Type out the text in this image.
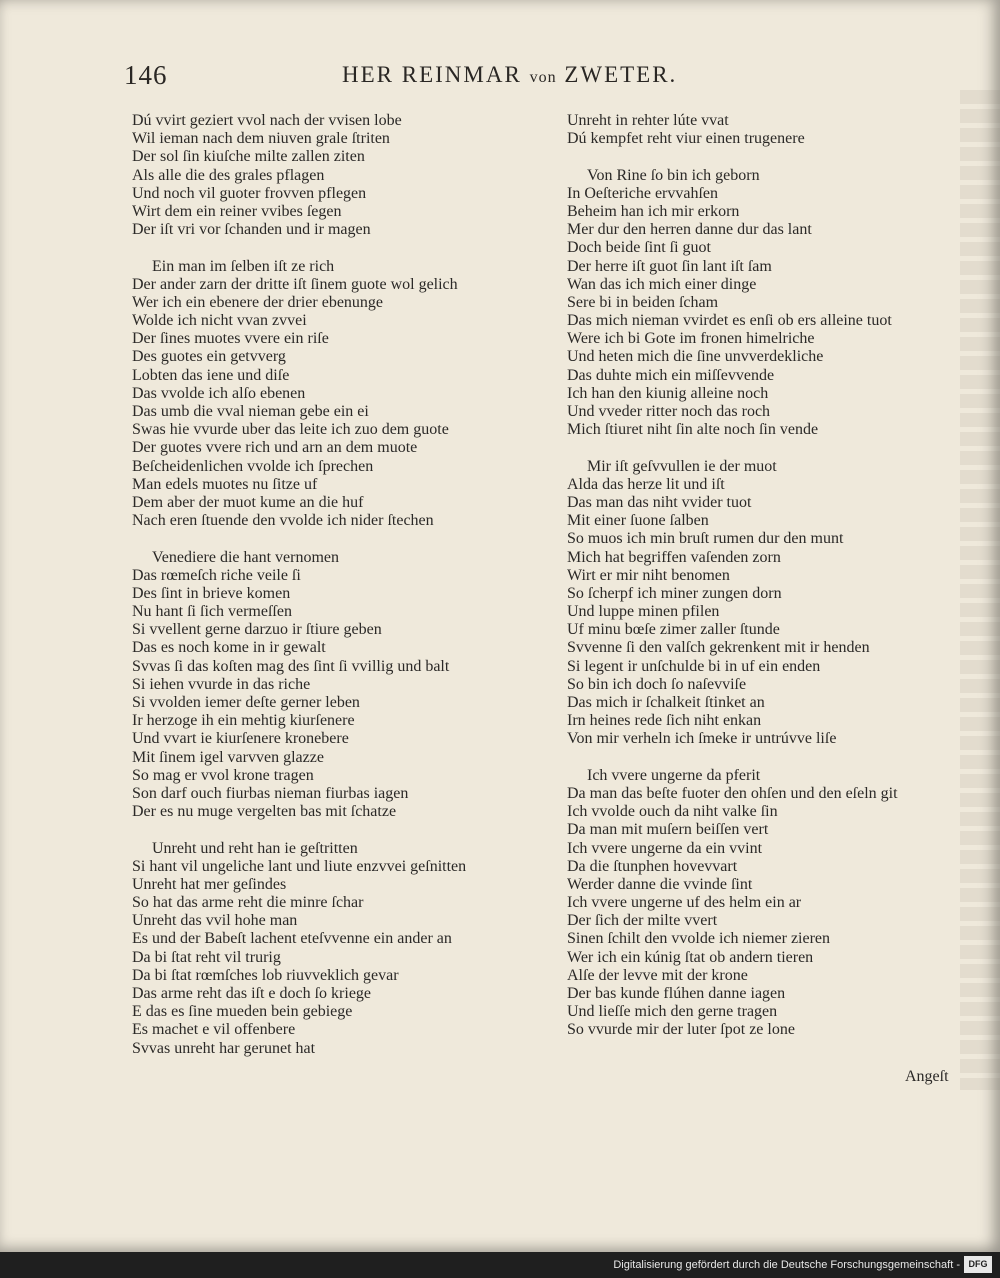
146	HER REINMAR von ZWETER.
Dú vvirt geziert vvol nach der vvisen lobe
Wil ieman nach dem niuven grale ſtriten
Der sol ſin kiuſche milte zallen ziten
Als alle die des grales pflagen
Und noch vil guoter frovven pflegen
Wirt dem ein reiner vvibes ſegen
Der iſt vri vor ſchanden und ir magen
Ein man im ſelben iſt ze rich
Der ander zarn der dritte iſt ſinem guote wol gelich
Wer ich ein ebenere der drier ebenunge
Wolde ich nicht vvan zvvei
Der ſines muotes vvere ein riſe
Des guotes ein getvverg
Lobten das iene und diſe
Das vvolde ich alſo ebenen
Das umb die vval nieman gebe ein ei
Swas hie vvurde uber das leite ich zuo dem guote
Der guotes vvere rich und arn an dem muote
Beſcheidenlichen vvolde ich ſprechen
Man edels muotes nu ſitze uf
Dem aber der muot kume an die huf
Nach eren ſtuende den vvolde ich nider ſtechen
Venediere die hant vernomen
Das rœmeſch riche veile ſi
Des ſint in brieve komen
Nu hant ſi ſich vermeſſen
Si vvellent gerne darzuo ir ſtiure geben
Das es noch kome in ir gewalt
Svvas ſi das koſten mag des ſint ſi vvillig und balt
Si iehen vvurde in das riche
Si vvolden iemer deſte gerner leben
Ir herzoge ih ein mehtig kiurſenere
Und vvart ie kiurſenere kronebere
Mit ſinem igel varvven glazze
So mag er vvol krone tragen
Son darf ouch fiurbas nieman fiurbas iagen
Der es nu muge vergelten bas mit ſchatze
Unreht und reht han ie geſtritten
Si hant vil ungeliche lant und liute enzvvei geſnitten
Unreht hat mer geſindes
So hat das arme reht die minre ſchar
Unreht das vvil hohe man
Es und der Babeſt lachent eteſvvenne ein ander an
Da bi ſtat reht vil trurig
Da bi ſtat rœmſches lob riuvveklich gevar
Das arme reht das iſt e doch ſo kriege
E das es ſine mueden bein gebiege
Es machet e vil offenbere
Svvas unreht har gerunet hat
Unreht in rehter lúte vvat
Dú kempfet reht viur einen trugenere
Von Rine ſo bin ich geborn
In Oeſteriche ervvahſen
Beheim han ich mir erkorn
Mer dur den herren danne dur das lant
Doch beide ſint ſi guot
Der herre iſt guot ſin lant iſt ſam
Wan das ich mich einer dinge
Sere bi in beiden ſcham
Das mich nieman vvirdet es enſi ob ers alleine tuot
Were ich bi Gote im fronen himelriche
Und heten mich die ſine unvverdekliche
Das duhte mich ein miſſevvende
Ich han den kiunig alleine noch
Und vveder ritter noch das roch
Mich ſtiuret niht ſin alte noch ſin vende
Mir iſt geſvvullen ie der muot
Alda das herze lit und iſt
Das man das niht vvider tuot
Mit einer ſuone ſalben
So muos ich min bruſt rumen dur den munt
Mich hat begriffen vaſenden zorn
Wirt er mir niht benomen
So ſcherpf ich miner zungen dorn
Und luppe minen pfilen
Uf minu bœſe zimer zaller ſtunde
Svvenne ſi den valſch gekrenkent mit ir henden
Si legent ir unſchulde bi in uf ein enden
So bin ich doch ſo naſevviſe
Das mich ir ſchalkeit ſtinket an
Irn heines rede ſich niht enkan
Von mir verheln ich ſmeke ir untrúvve liſe
Ich vvere ungerne da pferit
Da man das beſte fuoter den ohſen und den eſeln git
Ich vvolde ouch da niht valke ſin
Da man mit muſern beiſſen vert
Ich vvere ungerne da ein vvint
Da die ſtunphen hovevvart
Werder danne die vvinde ſint
Ich vvere ungerne uf des helm ein ar
Der ſich der milte vvert
Sinen ſchilt den vvolde ich niemer zieren
Wer ich ein kúnig ſtat ob andern tieren
Alſe der levve mit der krone
Der bas kunde flúhen danne iagen
Und lieſſe mich den gerne tragen
So vvurde mir der luter ſpot ze lone
Angeſt
Digitalisierung gefördert durch die Deutsche Forschungsgemeinschaft - DFG
